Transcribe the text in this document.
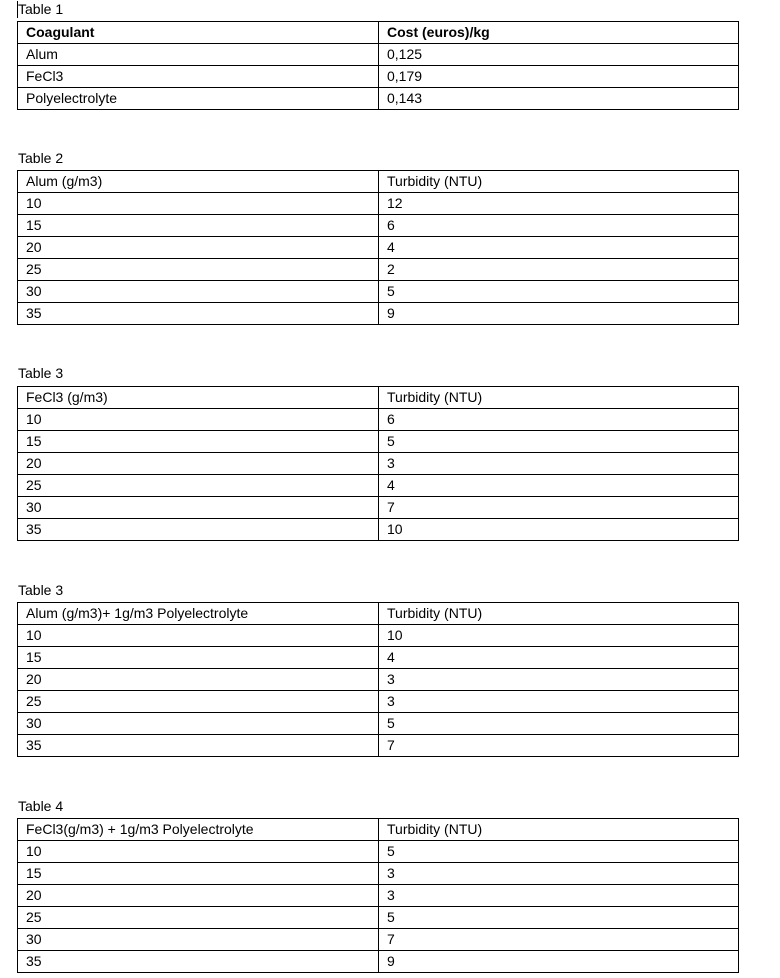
Table 1
Coagulant	Cost (euros)/kg
Alum	0,125
FeCl3	0,179
Polyelectrolyte	0,143
Table 2
Alum (g/m3)	Turbidity (NTU)
10	12
15	6
20	4
25	2
30	5
35	9
Table 3
FeCl3 (g/m3)	Turbidity (NTU)
10	6
15	5
20	3
25	4
30	7
35	10
Table 3
Alum (g/m3)+ 1g/m3 Polyelectrolyte	Turbidity (NTU)
10	10
15	4
20	3
25	3
30	5
35	7
Table 4
FeCl3(g/m3) + 1g/m3 Polyelectrolyte	Turbidity (NTU)
10	5
15	3
20	3
25	5
30	7
35	9
